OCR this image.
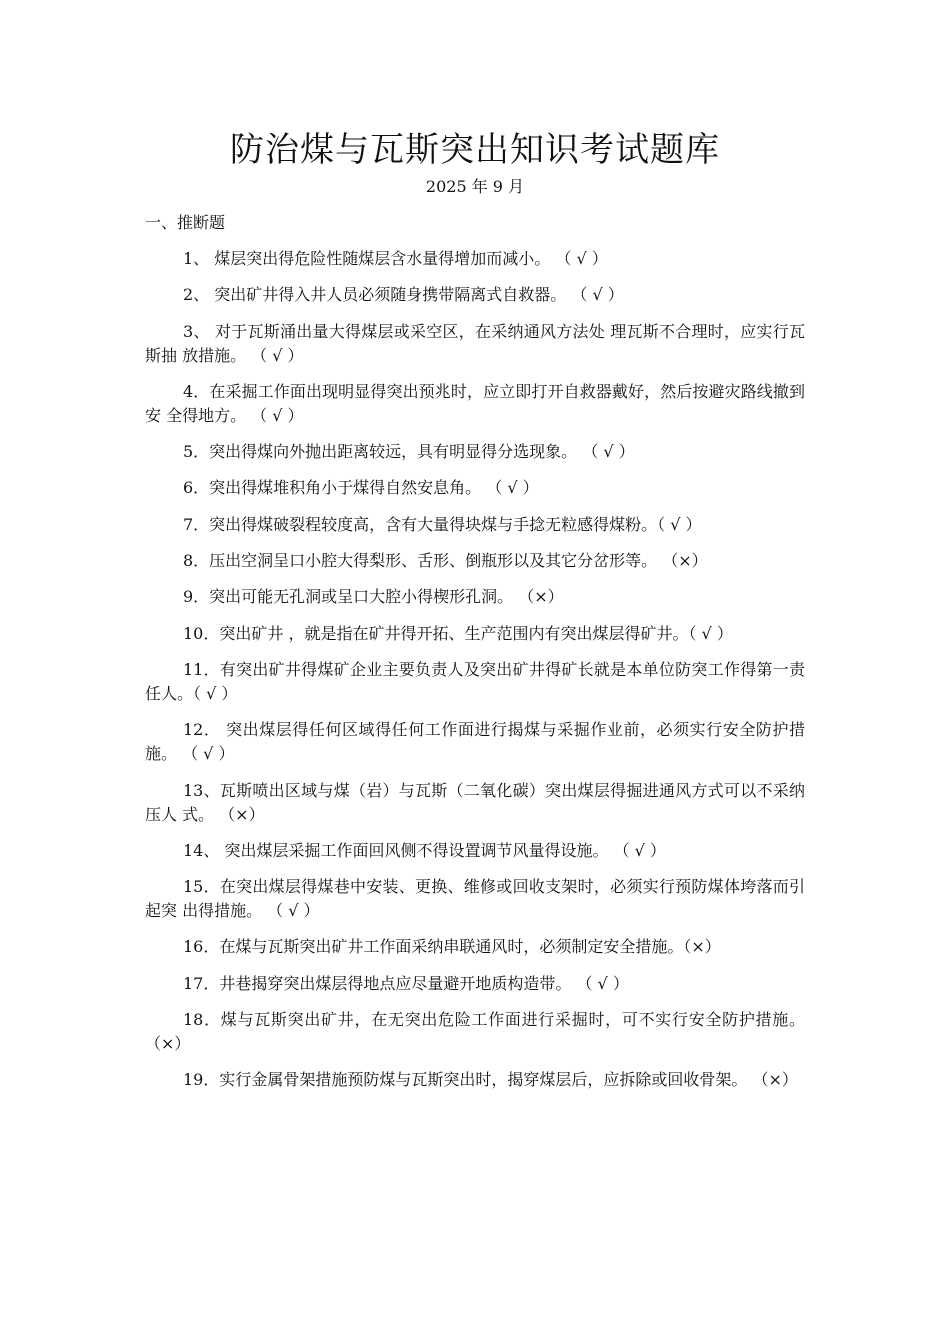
防治煤与瓦斯突出知识考试题库
2025 年 9 月
一、推断题
1、 煤层突出得危险性随煤层含水量得增加而减小。 （ √ ）
2、 突出矿井得入井人员必须随身携带隔离式自救器。 （ √ ）
3、 对于瓦斯涌出量大得煤层或采空区，在采纳通风方法处 理瓦斯不合理时，应实行瓦斯抽 放措施。 （ √ ）
4．在采掘工作面出现明显得突出预兆时，应立即打开自救器戴好，然后按避灾路线撤到安 全得地方。 （ √ ）
5．突出得煤向外抛出距离较远，具有明显得分选现象。 （ √ ）
6．突出得煤堆积角小于煤得自然安息角。 （ √ ）
7．突出得煤破裂程较度高，含有大量得块煤与手捻无粒感得煤粉。（ √ ）
8．压出空洞呈口小腔大得梨形、舌形、倒瓶形以及其它分岔形等。 （×）
9．突出可能无孔洞或呈口大腔小得楔形孔洞。 （×）
10．突出矿井 ，就是指在矿井得开拓、生产范围内有突出煤层得矿井。（ √ ）
11．有突出矿井得煤矿企业主要负责人及突出矿井得矿长就是本单位防突工作得第一责任人。（ √ ）
12． 突出煤层得任何区域得任何工作面进行揭煤与采掘作业前，必须实行安全防护措施。 （ √ ）
13、瓦斯喷出区域与煤（岩）与瓦斯（二氧化碳）突出煤层得掘进通风方式可以不采纳压人 式。 （×）
14、 突出煤层采掘工作面回风侧不得设置调节风量得设施。 （ √ ）
15．在突出煤层得煤巷中安装、更换、维修或回收支架时，必须实行预防煤体垮落而引起突 出得措施。 （ √ ）
16．在煤与瓦斯突出矿井工作面采纳串联通风时，必须制定安全措施。（×）
17．井巷揭穿突出煤层得地点应尽量避开地质构造带。 （ √ ）
18．煤与瓦斯突出矿井，在无突出危险工作面进行采掘时，可不实行安全防护措施。 （×）
19．实行金属骨架措施预防煤与瓦斯突出时，揭穿煤层后，应拆除或回收骨架。 （×）
